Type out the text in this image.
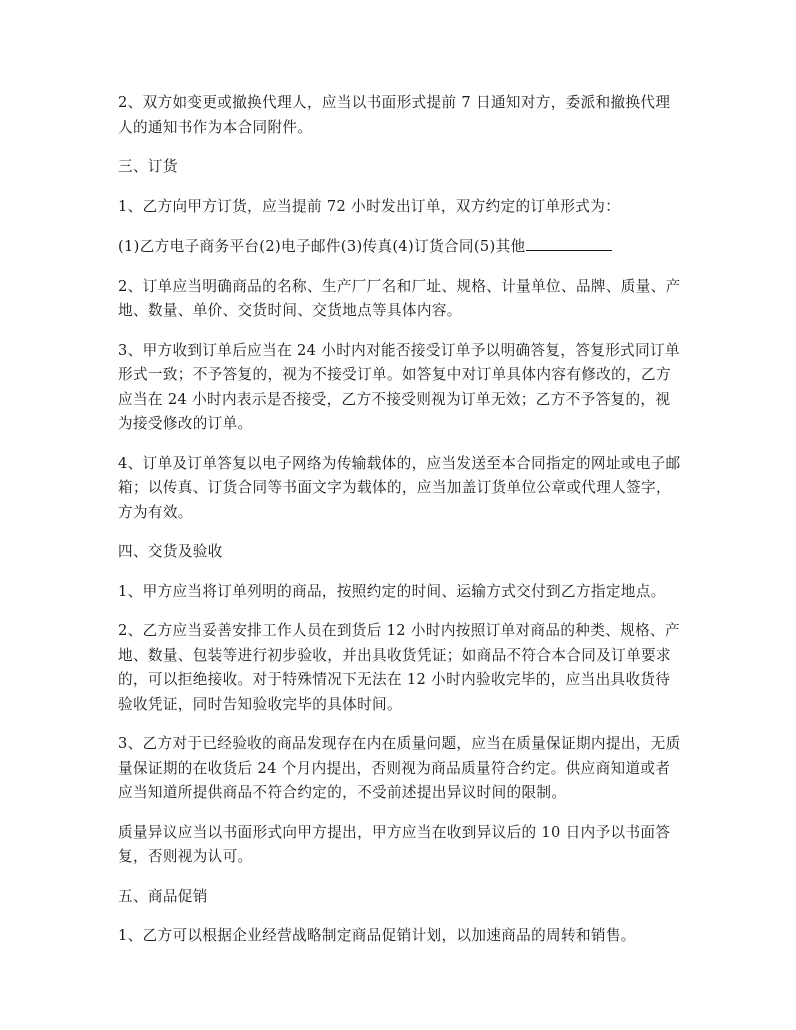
2、双方如变更或撤换代理人，应当以书面形式提前 7 日通知对方，委派和撤换代理人的通知书作为本合同附件。

三、订货

1、乙方向甲方订货，应当提前 72 小时发出订单，双方约定的订单形式为：

(1)乙方电子商务平台(2)电子邮件(3)传真(4)订货合同(5)其他

2、订单应当明确商品的名称、生产厂厂名和厂址、规格、计量单位、品牌、质量、产地、数量、单价、交货时间、交货地点等具体内容。

3、甲方收到订单后应当在 24 小时内对能否接受订单予以明确答复，答复形式同订单形式一致；不予答复的，视为不接受订单。如答复中对订单具体内容有修改的，乙方应当在 24 小时内表示是否接受，乙方不接受则视为订单无效；乙方不予答复的，视为接受修改的订单。

4、订单及订单答复以电子网络为传输载体的，应当发送至本合同指定的网址或电子邮箱；以传真、订货合同等书面文字为载体的，应当加盖订货单位公章或代理人签字，方为有效。

四、交货及验收

1、甲方应当将订单列明的商品，按照约定的时间、运输方式交付到乙方指定地点。

2、乙方应当妥善安排工作人员在到货后 12 小时内按照订单对商品的种类、规格、产地、数量、包装等进行初步验收，并出具收货凭证；如商品不符合本合同及订单要求的，可以拒绝接收。对于特殊情况下无法在 12 小时内验收完毕的，应当出具收货待验收凭证，同时告知验收完毕的具体时间。

3、乙方对于已经验收的商品发现存在内在质量问题，应当在质量保证期内提出，无质量保证期的在收货后 24 个月内提出，否则视为商品质量符合约定。供应商知道或者应当知道所提供商品不符合约定的，不受前述提出异议时间的限制。

质量异议应当以书面形式向甲方提出，甲方应当在收到异议后的 10 日内予以书面答复，否则视为认可。

五、商品促销

1、乙方可以根据企业经营战略制定商品促销计划，以加速商品的周转和销售。
